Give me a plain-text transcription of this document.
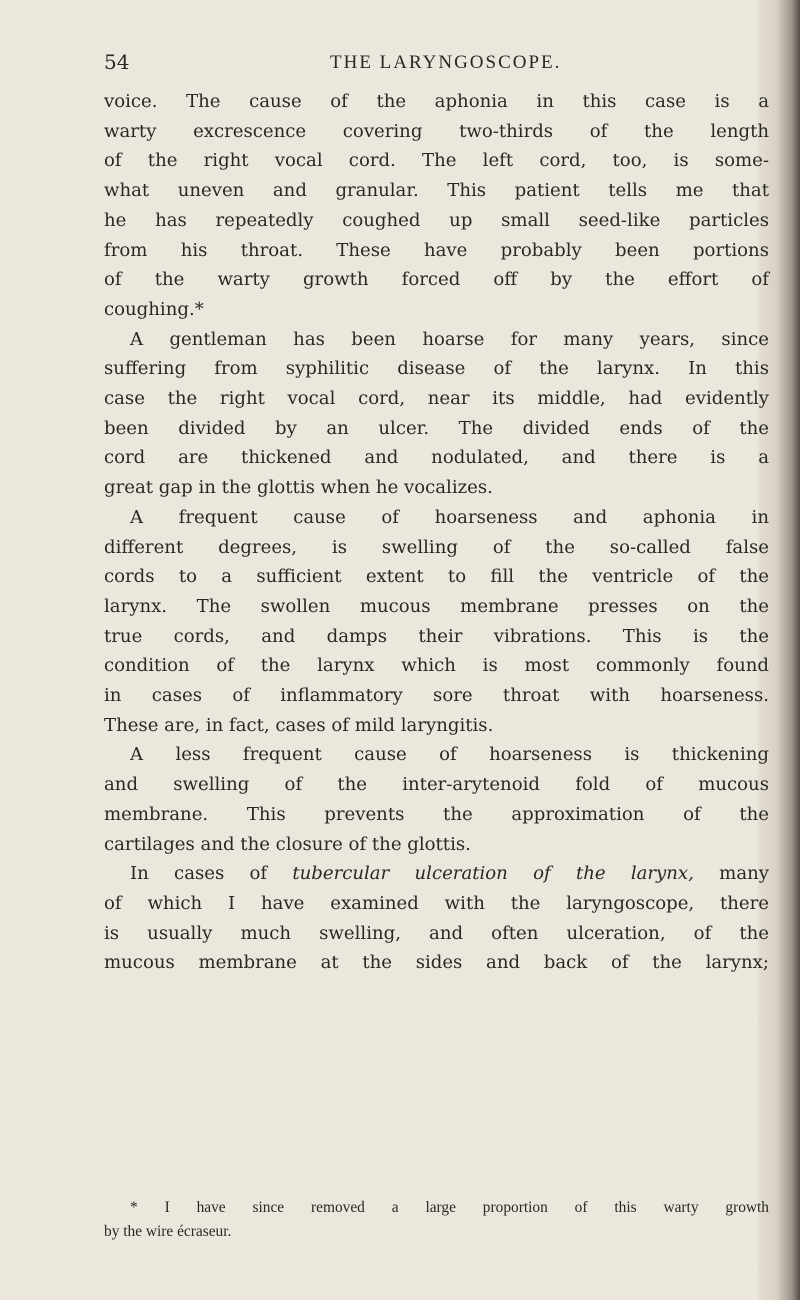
54	THE LARYNGOSCOPE.
voice. The cause of the aphonia in this case is a
warty excrescence covering two-thirds of the length
of the right vocal cord. The left cord, too, is some-
what uneven and granular. This patient tells me that
he has repeatedly coughed up small seed-like particles
from his throat. These have probably been portions
of the warty growth forced off by the effort of
coughing.*
A gentleman has been hoarse for many years, since
suffering from syphilitic disease of the larynx. In this
case the right vocal cord, near its middle, had evidently
been divided by an ulcer. The divided ends of the
cord are thickened and nodulated, and there is a
great gap in the glottis when he vocalizes.
A frequent cause of hoarseness and aphonia in
different degrees, is swelling of the so-called false
cords to a sufficient extent to fill the ventricle of the
larynx. The swollen mucous membrane presses on the
true cords, and damps their vibrations. This is the
condition of the larynx which is most commonly found
in cases of inflammatory sore throat with hoarseness.
These are, in fact, cases of mild laryngitis.
A less frequent cause of hoarseness is thickening
and swelling of the inter-arytenoid fold of mucous
membrane. This prevents the approximation of the
cartilages and the closure of the glottis.
In cases of tubercular ulceration of the larynx, many
of which I have examined with the laryngoscope, there
is usually much swelling, and often ulceration, of the
mucous membrane at the sides and back of the larynx;
* I have since removed a large proportion of this warty growth
by the wire écraseur.
